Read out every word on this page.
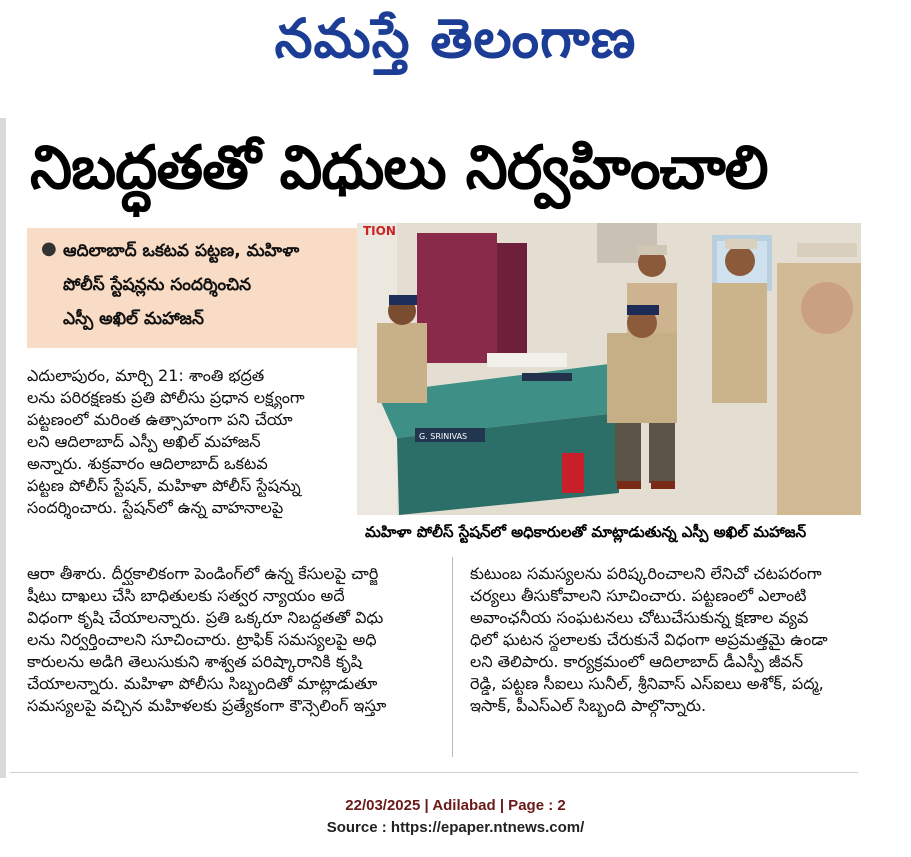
నమస్తే తెలంగాణ
నిబద్ధతతో విధులు నిర్వహించాలి
● ఆదిలాబాద్ ఒకటవ పట్టణ, మహిళా
పోలీస్ స్టేషన్లను సందర్శించిన
ఎస్పీ అఖిల్ మహాజన్
TION
G. SRINIVAS
మహిళా పోలీస్ స్టేషన్‌లో అధికారులతో మాట్లాడుతున్న ఎస్పీ అఖిల్ మహాజన్
ఎదులాపురం, మార్చి 21: శాంతి భద్రత
లను పరిరక్షణకు ప్రతి పోలీసు ప్రధాన లక్ష్యంగా
పట్టణంలో మరింత ఉత్సాహంగా పని చేయా
లని ఆదిలాబాద్ ఎస్పీ అఖిల్ మహాజన్
అన్నారు. శుక్రవారం ఆదిలాబాద్ ఒకటవ
పట్టణ పోలీస్ స్టేషన్, మహిళా పోలీస్ స్టేషన్ను
సందర్శించారు. స్టేషన్‌లో ఉన్న వాహనాలపై
ఆరా తీశారు. దీర్ఘకాలికంగా పెండింగ్‌లో ఉన్న కేసులపై చార్జి
షీటు దాఖలు చేసి బాధితులకు సత్వర న్యాయం అదే
విధంగా కృషి చేయాలన్నారు. ప్రతి ఒక్కరూ నిబద్ధతతో విధు
లను నిర్వర్తించాలని సూచించారు. ట్రాఫిక్ సమస్యలపై అధి
కారులను అడిగి తెలుసుకుని శాశ్వత పరిష్కారానికి కృషి
చేయాలన్నారు. మహిళా పోలీసు సిబ్బందితో మాట్లాడుతూ
సమస్యలపై వచ్చిన మహిళలకు ప్రత్యేకంగా కౌన్సెలింగ్ ఇస్తూ
కుటుంబ సమస్యలను పరిష్కరించాలని లేనిచో చటపరంగా
చర్యలు తీసుకోవాలని సూచించారు. పట్టణంలో ఎలాంటి
అవాంఛనీయ సంఘటనలు చోటుచేసుకున్న క్షణాల వ్యవ
ధిలో ఘటన స్థలాలకు చేరుకునే విధంగా అప్రమత్తమై ఉండా
లని తెలిపారు. కార్యక్రమంలో ఆదిలాబాద్ డీఎస్పీ జీవన్
రెడ్డి, పట్టణ సీఐలు సునీల్, శ్రీనివాస్ ఎస్ఐలు అశోక్, పద్మ,
ఇసాక్, పీఎస్ఎల్ సిబ్బంది పాల్గొన్నారు.
22/03/2025 | Adilabad | Page : 2
Source : https://epaper.ntnews.com/
